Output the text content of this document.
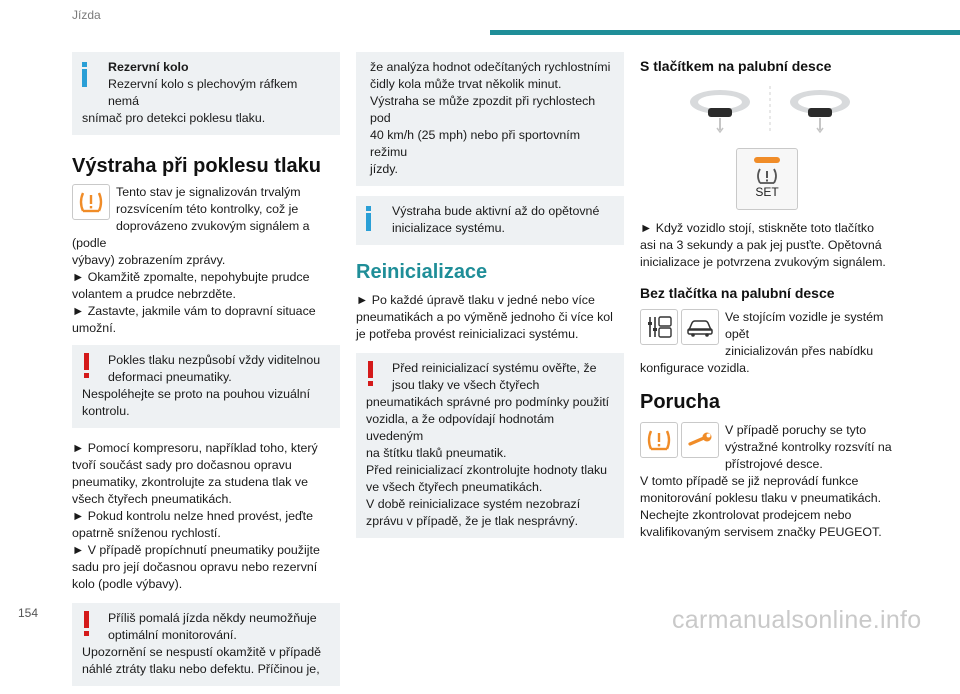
Jízda
Rezervní kolo
Rezervní kolo s plechovým ráfkem nemá
snímač pro detekci poklesu tlaku.
Výstraha při poklesu tlaku

Tento stav je signalizován trvalým

rozsvícením této kontrolky, což je

doprovázeno zvukovým signálem a (podle

výbavy) zobrazením zprávy.

► Okamžitě zpomalte, nepohybujte prudce

volantem a prudce nebrzděte.

► Zastavte, jakmile vám to dopravní situace

umožní.

Pokles tlaku nezpůsobí vždy viditelnou
deformaci pneumatiky.
Nespoléhejte se proto na pouhou vizuální
kontrolu.

► Pomocí kompresoru, například toho, který

tvoří součást sady pro dočasnou opravu

pneumatiky, zkontrolujte za studena tlak ve

všech čtyřech pneumatikách.

► Pokud kontrolu nelze hned provést, jeďte

opatrně sníženou rychlostí.

► V případě propíchnutí pneumatiky použijte

sadu pro její dočasnou opravu nebo rezervní

kolo (podle výbavy).

Příliš pomalá jízda někdy neumožňuje
optimální monitorování.
Upozornění se nespustí okamžitě v případě
náhlé ztráty tlaku nebo defektu. Příčinou je,
že analýza hodnot odečítaných rychlostními
čidly kola může trvat několik minut.
Výstraha se může zpozdit při rychlostech pod
40 km/h (25 mph) nebo při sportovním režimu
jízdy.
Výstraha bude aktivní až do opětovné
inicializace systému.
Reinicializace

► Po každé úpravě tlaku v jedné nebo více

pneumatikách a po výměně jednoho či více kol

je potřeba provést reinicializaci systému.

Před reinicializací systému ověřte, že
jsou tlaky ve všech čtyřech
pneumatikách správné pro podmínky použití
vozidla, a že odpovídají hodnotám uvedeným
na štítku tlaků pneumatik.
Před reinicializací zkontrolujte hodnoty tlaku
ve všech čtyřech pneumatikách.
V době reinicializace systém nezobrazí
zprávu v případě, že je tlak nesprávný.
S tlačítkem na palubní desce
SET

► Když vozidlo stojí, stiskněte toto tlačítko

asi na 3 sekundy a pak jej pusťte. Opětovná

inicializace je potvrzena zvukovým signálem.

Bez tlačítka na palubní desce

Ve stojícím vozidle je systém opět

zinicializován přes nabídku

konfigurace vozidla.

Porucha

V případě poruchy se tyto

výstražné kontrolky rozsvítí na

přístrojové desce.

V tomto případě se již neprovádí funkce

monitorování poklesu tlaku v pneumatikách.

Nechejte zkontrolovat prodejcem nebo

kvalifikovaným servisem značky PEUGEOT.

154	carmanualsonline.info
